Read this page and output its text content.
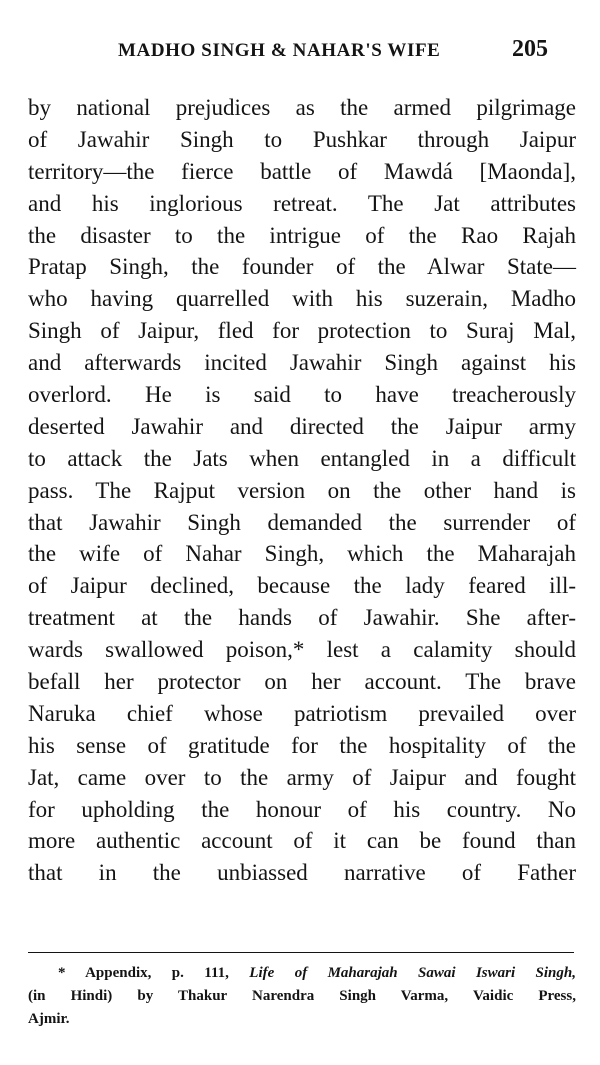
MADHO SINGH & NAHAR'S WIFE	205
by national prejudices as the armed pilgrimage
of Jawahir Singh to Pushkar through Jaipur
territory—the fierce battle of Mawdá [Maonda],
and his inglorious retreat. The Jat attributes
the disaster to the intrigue of the Rao Rajah
Pratap Singh, the founder of the Alwar State—
who having quarrelled with his suzerain, Madho
Singh of Jaipur, fled for protection to Suraj Mal,
and afterwards incited Jawahir Singh against his
overlord. He is said to have treacherously
deserted Jawahir and directed the Jaipur army
to attack the Jats when entangled in a difficult
pass. The Rajput version on the other hand is
that Jawahir Singh demanded the surrender of
the wife of Nahar Singh, which the Maharajah
of Jaipur declined, because the lady feared ill-
treatment at the hands of Jawahir. She after-
wards swallowed poison,* lest a calamity should
befall her protector on her account. The brave
Naruka chief whose patriotism prevailed over
his sense of gratitude for the hospitality of the
Jat, came over to the army of Jaipur and fought
for upholding the honour of his country. No
more authentic account of it can be found than
that in the unbiassed narrative of Father
* Appendix, p. 111, Life of Maharajah Sawai Iswari Singh,
(in Hindi) by Thakur Narendra Singh Varma, Vaidic Press,
Ajmir.
